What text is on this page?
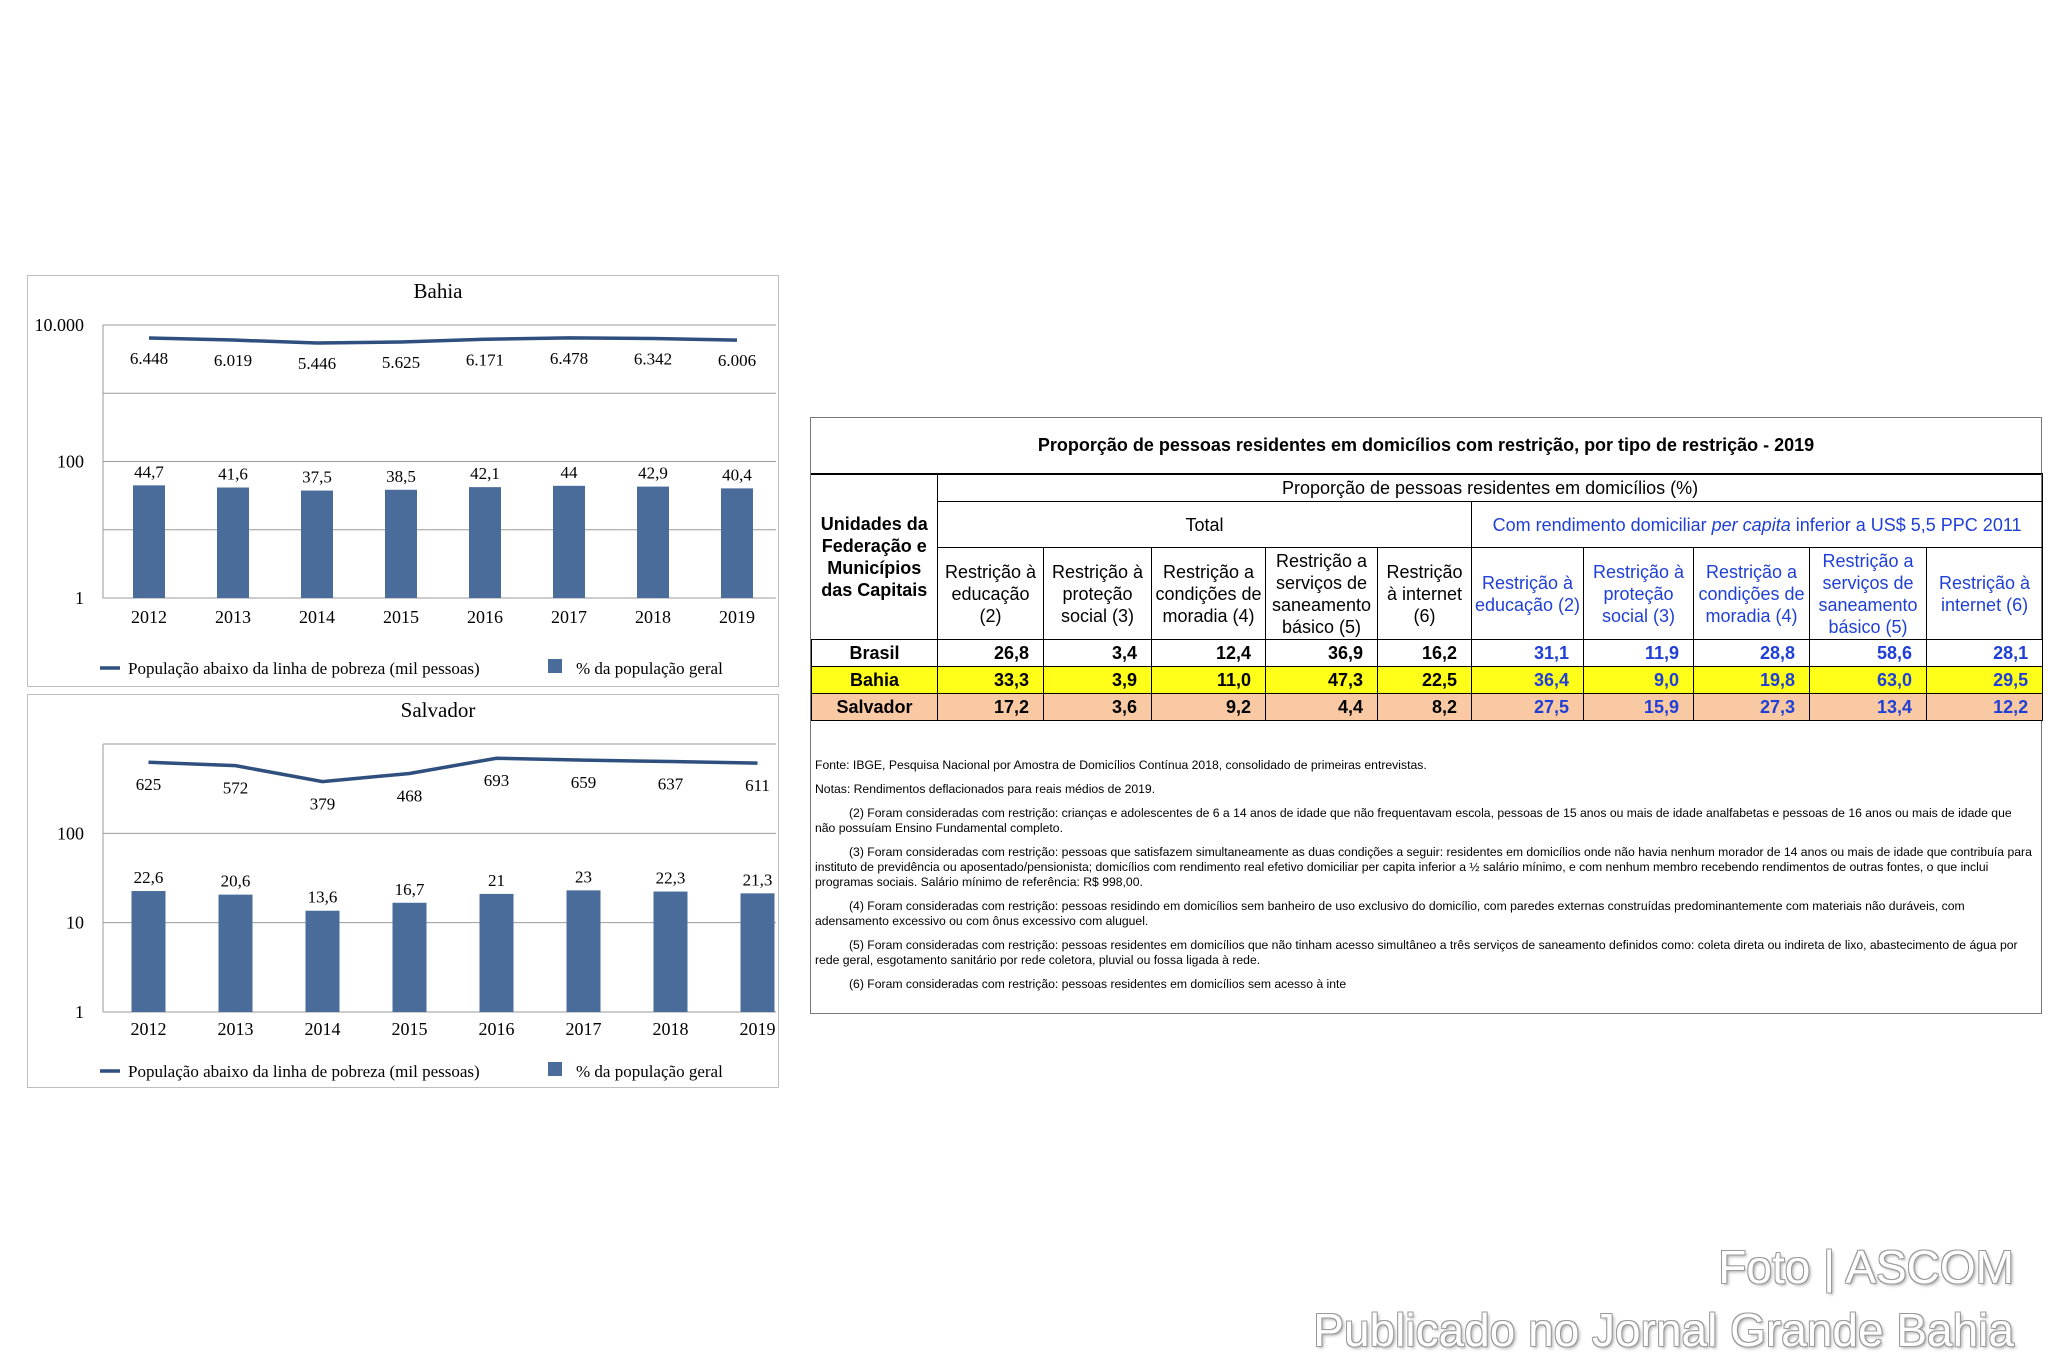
Bahia
10.000
100
1
44,7	41,6	37,5	38,5	42,1	44	42,9	40,4
6.448	6.019	5.446	5.625	6.171	6.478	6.342	6.006
2012	2013	2014	2015	2016	2017	2018	2019
População abaixo da linha de pobreza (mil pessoas)	% da população geral
Salvador
100
10
1
22,6	20,6
13,6	16,7	21	23	22,3	21,3
625	572
379	468
693	659	637	611
2012	2013	2014	2015	2016	2017	2018	2019
População abaixo da linha de pobreza (mil pessoas)	% da população geral
Proporção de pessoas residentes em domicílios com restrição, por tipo de restrição - 2019
Unidades da Federação e Municípios das Capitais	Proporção de pessoas residentes em domicílios (%)									
	Total					Com rendimento domiciliar per capita inferior a US$ 5,5 PPC 2011				
	Restrição à educação (2)	Restrição à proteção social (3)	Restrição a condições de moradia (4)	Restrição a serviços de saneamento básico (5)	Restrição à internet (6)	Restrição à educação (2)	Restrição à proteção social (3)	Restrição a condições de moradia (4)	Restrição a serviços de saneamento básico (5)	Restrição à internet (6)
Brasil	26,8	3,4	12,4	36,9	16,2	31,1	11,9	28,8	58,6	28,1
Bahia	33,3	3,9	11,0	47,3	22,5	36,4	9,0	19,8	63,0	29,5
Salvador	17,2	3,6	9,2	4,4	8,2	27,5	15,9	27,3	13,4	12,2

Fonte: IBGE, Pesquisa Nacional por Amostra de Domicílios Contínua 2018, consolidado de primeiras entrevistas.

Notas: Rendimentos deflacionados para reais médios de 2019.

(2) Foram consideradas com restrição: crianças e adolescentes de 6 a 14 anos de idade que não frequentavam escola, pessoas de 15 anos ou mais de idade analfabetas e pessoas de 16 anos ou mais de idade que não possuíam Ensino Fundamental completo.

(3) Foram consideradas com restrição: pessoas que satisfazem simultaneamente as duas condições a seguir: residentes em domicílios onde não havia nenhum morador de 14 anos ou mais de idade que contribuía para instituto de previdência ou aposentado/pensionista; domicílios com rendimento real efetivo domiciliar per capita inferior a ½ salário mínimo, e com nenhum membro recebendo rendimentos de outras fontes, o que inclui programas sociais. Salário mínimo de referência: R$ 998,00.

(4) Foram consideradas com restrição: pessoas residindo em domicílios sem banheiro de uso exclusivo do domicílio, com paredes externas construídas predominantemente com materiais não duráveis, com adensamento excessivo ou com ônus excessivo com aluguel.

(5) Foram consideradas com restrição: pessoas residentes em domicílios que não tinham acesso simultâneo a três serviços de saneamento definidos como: coleta direta ou indireta de lixo, abastecimento de água por rede geral, esgotamento sanitário por rede coletora, pluvial ou fossa ligada à rede.

(6) Foram consideradas com restrição: pessoas residentes em domicílios sem acesso à inte

Foto | ASCOM
Publicado no Jornal Grande Bahia
